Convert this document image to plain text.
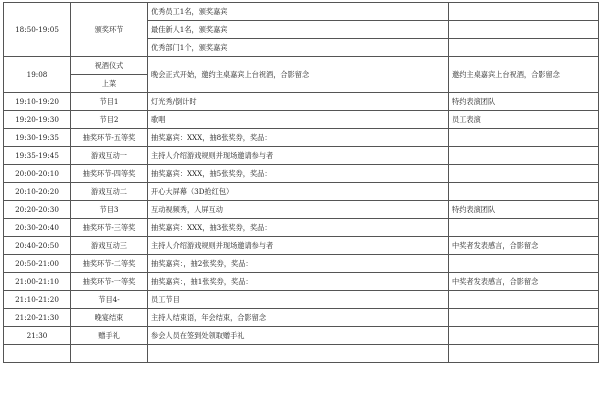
18:50-19:05	颁奖环节	优秀员工1名，颁奖嘉宾	
		最佳新人1名，颁奖嘉宾	
		优秀部门1个，颁奖嘉宾	
19:08	祝酒仪式	晚会正式开始，邀约主桌嘉宾上台祝酒，合影留念	邀约主桌嘉宾上台祝酒，合影留念
	上菜		
19:10-19:20	节目1	灯光秀/倒计时	特约表演团队
19:20-19:30	节目2	歌唱	员工表演
19:30-19:35	抽奖环节-五等奖	抽奖嘉宾：XXX，抽8张奖券，奖品：	
19:35-19:45	游戏互动一	主持人介绍游戏规则并现场邀请参与者	
20:00-20:10	抽奖环节-四等奖	抽奖嘉宾：XXX，抽5张奖券，奖品：	
20:10-20:20	游戏互动二	开心大屏幕（3D抢红包）	
20:20-20:30	节目3	互动视频秀，人屏互动	特约表演团队
20:30-20:40	抽奖环节-三等奖	抽奖嘉宾：XXX，抽3张奖券，奖品：	
20:40-20:50	游戏互动三	主持人介绍游戏规则并现场邀请参与者	中奖者发表感言，合影留念
20:50-21:00	抽奖环节-二等奖	抽奖嘉宾：，抽2张奖券，奖品：	
21:00-21:10	抽奖环节-一等奖	抽奖嘉宾：，抽1张奖券，奖品：	中奖者发表感言，合影留念
21:10-21:20	节目4-	员工节目	
21:20-21:30	晚宴结束	主持人结束语，年会结束，合影留念	
21:30	赠手礼	参会人员在签到处领取赠手礼	
